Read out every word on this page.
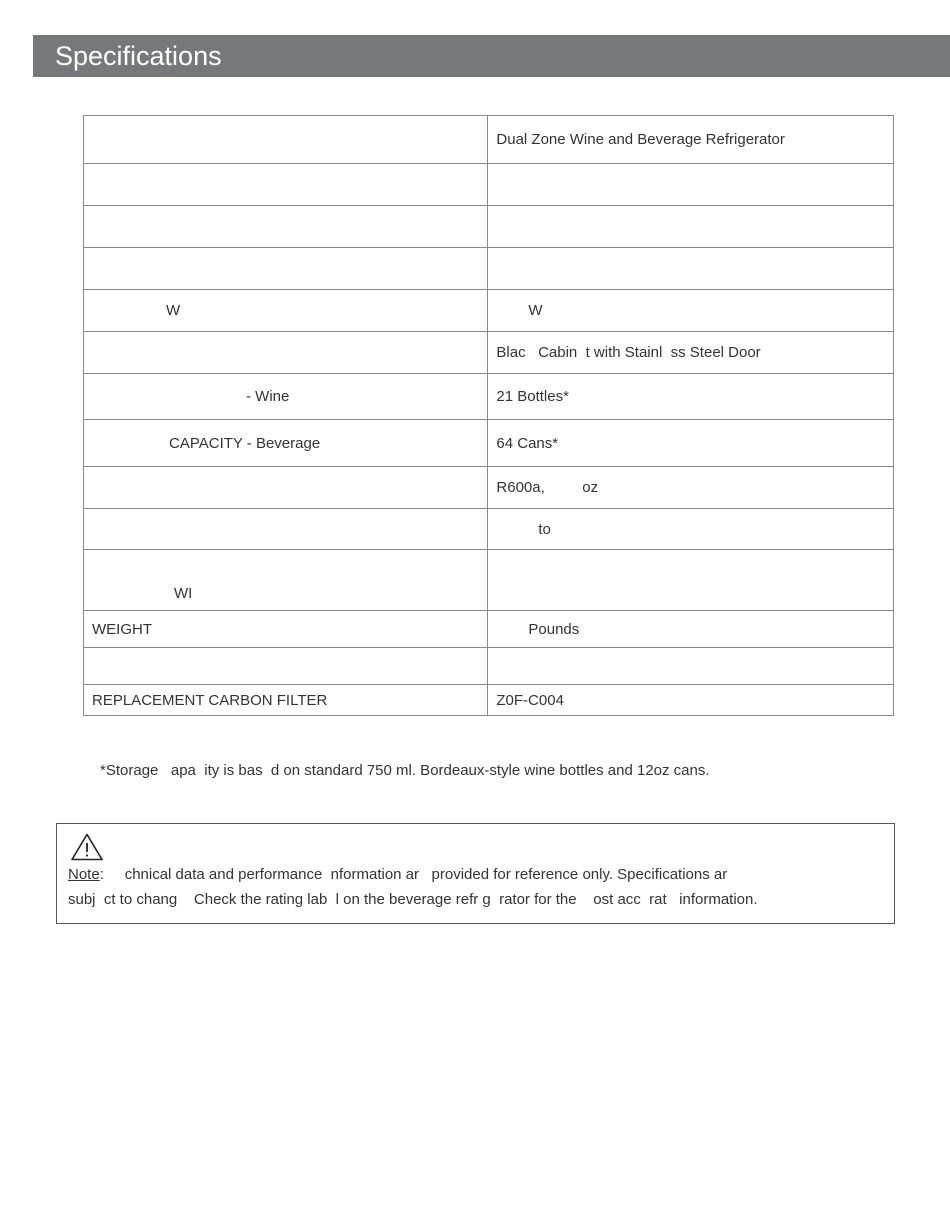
Specifications
	Dual Zone Wine and Beverage Refrigerator

W	W
	Blac   Cabin  t with Stainl  ss Steel Door
- Wine	21 Bottles*
CAPACITY - Beverage	64 Cans*
	R600a,         oz
	to
WI	
WEIGHT	Pounds

REPLACEMENT CARBON FILTER	Z0F-C004
*Storage   apa  ity is bas  d on standard 750 ml. Bordeaux-style wine bottles and 12oz cans.
Note:     chnical data and performance  nformation ar   provided for reference only. Specifications ar
subj  ct to chang    Check the rating lab  l on the beverage refr g  rator for the    ost acc  rat   information.
